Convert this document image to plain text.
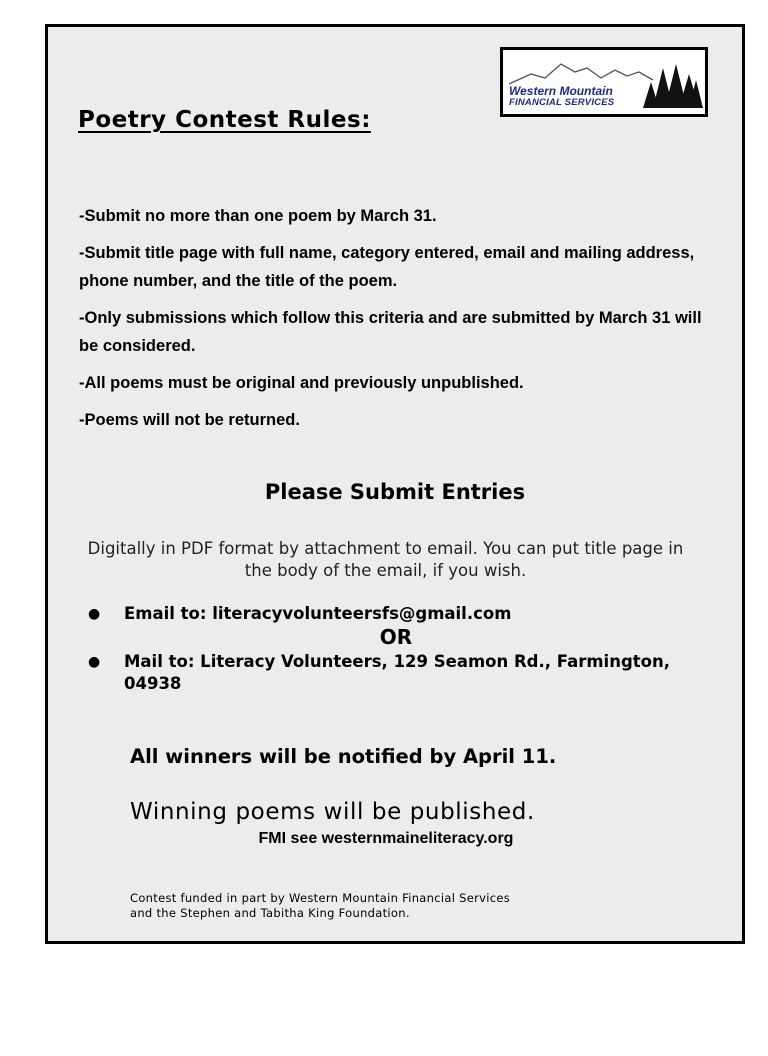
Western Mountain
FINANCIAL SERVICES
Poetry Contest Rules:

-Submit no more than one poem by March 31.

-Submit title page with full name, category entered, email and mailing address, phone number, and the title of the poem.

-Only submissions which follow this criteria and are submitted by March 31 will be considered.

-All poems must be original and previously unpublished.

-Poems will not be returned.

Please Submit Entries
Digitally in PDF format by attachment to email. You can put title page in the body of the email, if you wish.
● Email to: literacyvolunteersfs@gmail.com
OR
● Mail to: Literacy Volunteers, 129 Seamon Rd., Farmington, 04938
All winners will be notified by April 11.
Winning poems will be published.
FMI see westernmaineliteracy.org
Contest funded in part by Western Mountain Financial Services
and the Stephen and Tabitha King Foundation.
